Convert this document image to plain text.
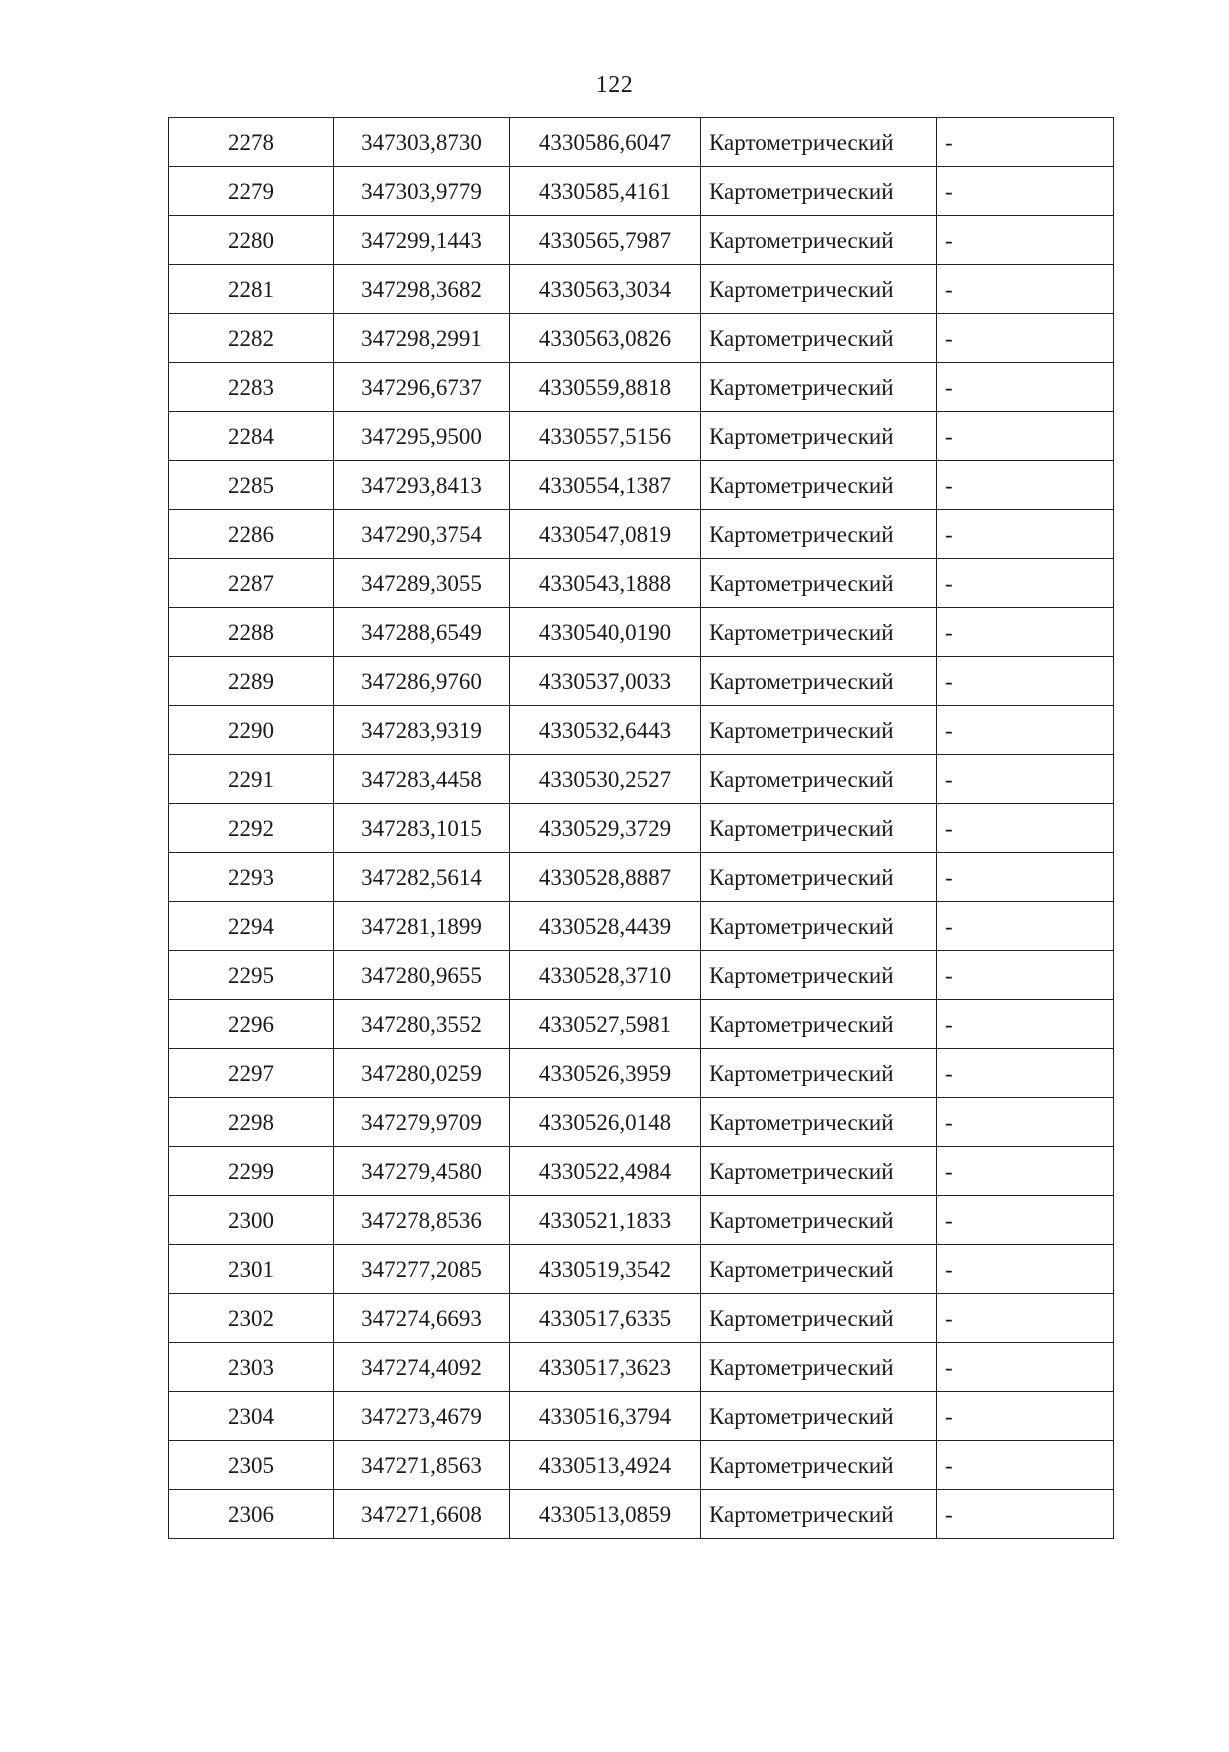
122
2278	347303,8730	4330586,6047	Картометрический	-
2279	347303,9779	4330585,4161	Картометрический	-
2280	347299,1443	4330565,7987	Картометрический	-
2281	347298,3682	4330563,3034	Картометрический	-
2282	347298,2991	4330563,0826	Картометрический	-
2283	347296,6737	4330559,8818	Картометрический	-
2284	347295,9500	4330557,5156	Картометрический	-
2285	347293,8413	4330554,1387	Картометрический	-
2286	347290,3754	4330547,0819	Картометрический	-
2287	347289,3055	4330543,1888	Картометрический	-
2288	347288,6549	4330540,0190	Картометрический	-
2289	347286,9760	4330537,0033	Картометрический	-
2290	347283,9319	4330532,6443	Картометрический	-
2291	347283,4458	4330530,2527	Картометрический	-
2292	347283,1015	4330529,3729	Картометрический	-
2293	347282,5614	4330528,8887	Картометрический	-
2294	347281,1899	4330528,4439	Картометрический	-
2295	347280,9655	4330528,3710	Картометрический	-
2296	347280,3552	4330527,5981	Картометрический	-
2297	347280,0259	4330526,3959	Картометрический	-
2298	347279,9709	4330526,0148	Картометрический	-
2299	347279,4580	4330522,4984	Картометрический	-
2300	347278,8536	4330521,1833	Картометрический	-
2301	347277,2085	4330519,3542	Картометрический	-
2302	347274,6693	4330517,6335	Картометрический	-
2303	347274,4092	4330517,3623	Картометрический	-
2304	347273,4679	4330516,3794	Картометрический	-
2305	347271,8563	4330513,4924	Картометрический	-
2306	347271,6608	4330513,0859	Картометрический	-
